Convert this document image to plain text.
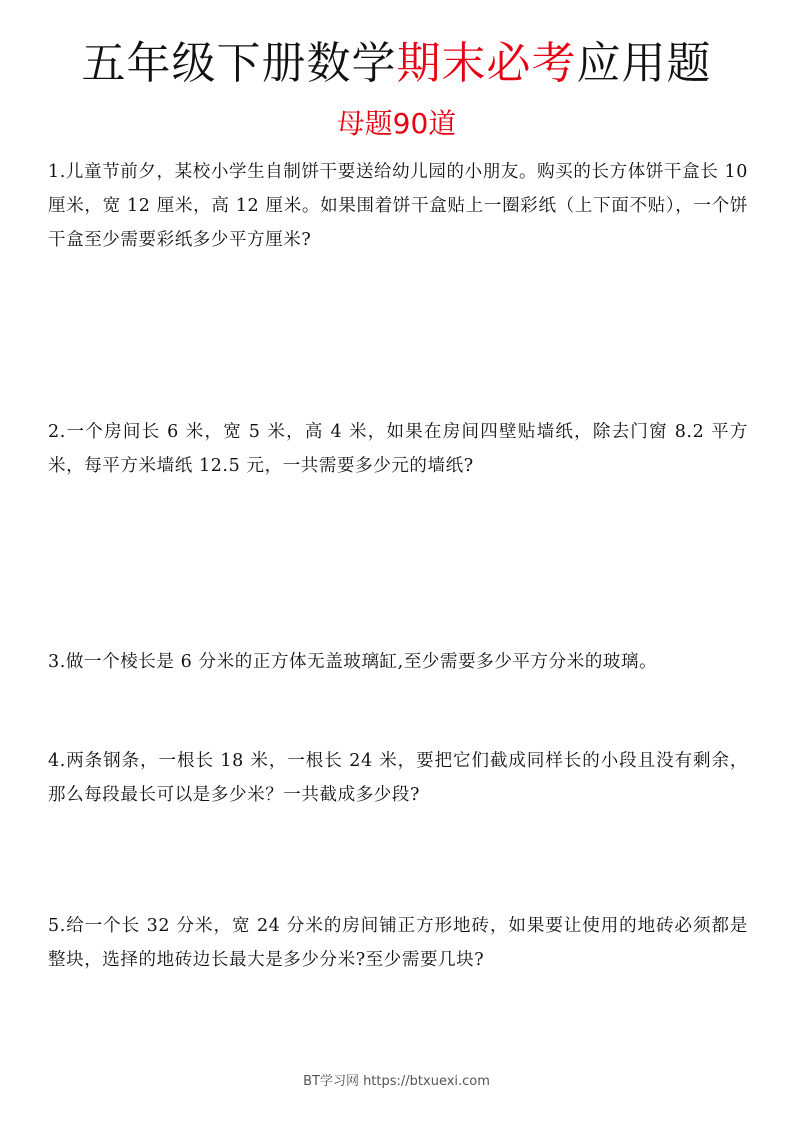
五年级下册数学期末必考应用题
母题90道
1.儿童节前夕，某校小学生自制饼干要送给幼儿园的小朋友。购买的长方体饼干盒长 10 厘米，宽 12 厘米，高 12 厘米。如果围着饼干盒贴上一圈彩纸（上下面不贴），一个饼干盒至少需要彩纸多少平方厘米?
2.一个房间长 6 米，宽 5 米，高 4 米，如果在房间四壁贴墙纸，除去门窗 8.2 平方米，每平方米墙纸 12.5 元，一共需要多少元的墙纸?
3.做一个棱长是 6 分米的正方体无盖玻璃缸,至少需要多少平方分米的玻璃。
4.两条钢条，一根长 18 米，一根长 24 米，要把它们截成同样长的小段且没有剩余，那么每段最长可以是多少米？一共截成多少段?
5.给一个长 32 分米，宽 24 分米的房间铺正方形地砖，如果要让使用的地砖必须都是整块，选择的地砖边长最大是多少分米?至少需要几块?
BT学习网 https://btxuexi.com
